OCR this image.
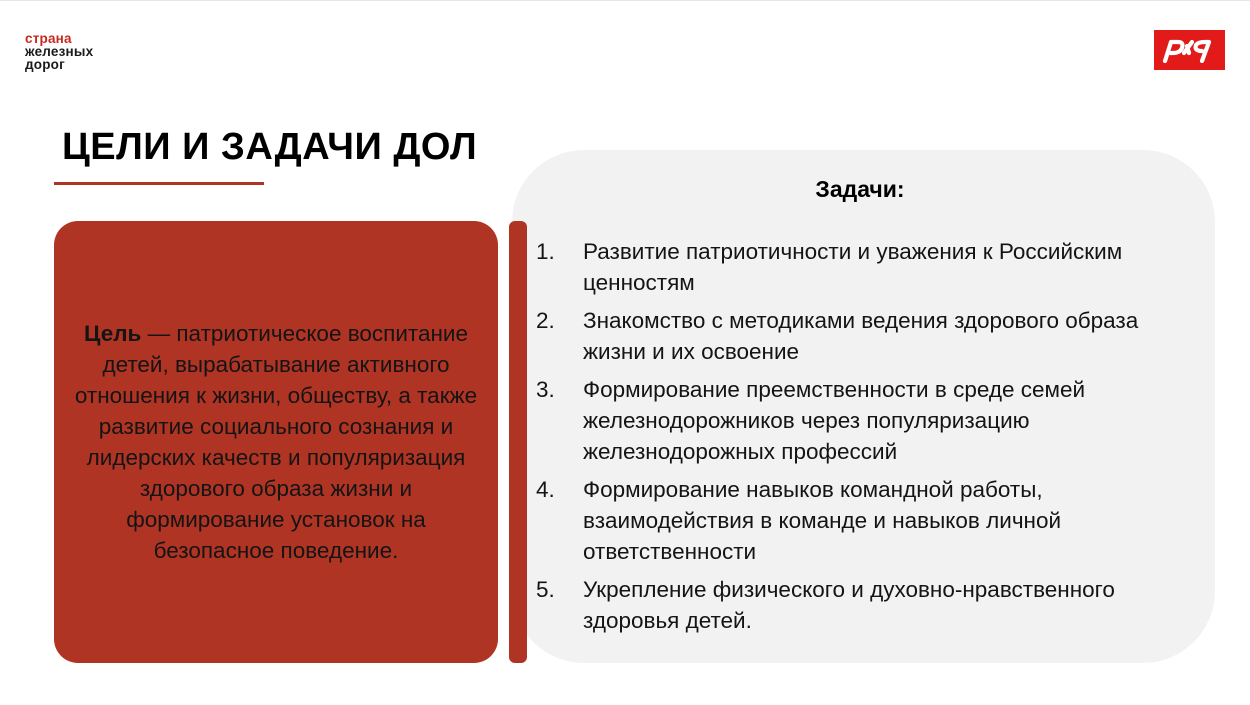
страна
железных
дорог
ЦЕЛИ И ЗАДАЧИ ДОЛ
Цель — патриотическое воспитание детей, вырабатывание активного отношения к жизни, обществу, а также развитие социального сознания и лидерских качеств и популяризация здорового образа жизни и формирование установок на безопасное поведение.
Задачи:
1.	Развитие патриотичности и уважения к Российским ценностям
2.	Знакомство с методиками ведения здорового образа жизни и их освоение
3.	Формирование преемственности в среде семей железнодорожников через популяризацию железнодорожных профессий
4.	Формирование навыков командной работы, взаимодействия в команде и навыков личной ответственности
5.	Укрепление физического и духовно-нравственного здоровья детей.
